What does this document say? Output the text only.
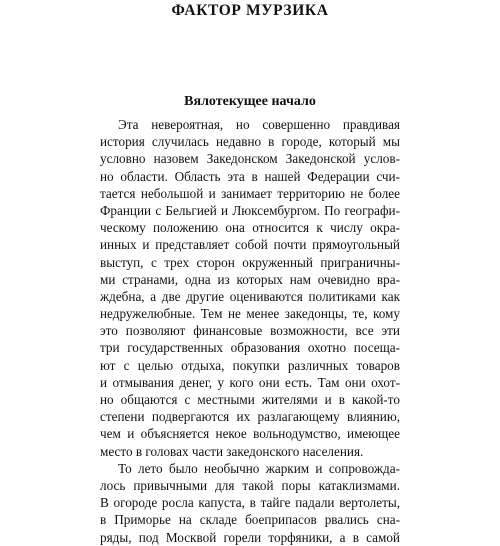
ФАКТОР МУРЗИКА
Вялотекущее начало
Эта невероятная, но совершенно правдивая
история случилась недавно в городе, который мы
условно назовем Закедонском Закедонской услов-
но области. Область эта в нашей Федерации счи-
тается небольшой и занимает территорию не более
Франции с Бельгией и Люксембургом. По географи-
ческому положению она относится к числу окра-
инных и представляет собой почти прямоугольный
выступ, с трех сторон окруженный приграничны-
ми странами, одна из которых нам очевидно вра-
ждебна, а две другие оцениваются политиками как
недружелюбные. Тем не менее закедонцы, те, кому
это позволяют финансовые возможности, все эти
три государственных образования охотно посеща-
ют с целью отдыха, покупки различных товаров
и отмывания денег, у кого они есть. Там они охот-
но общаются с местными жителями и в какой-то
степени подвергаются их разлагающему влиянию,
чем и объясняется некое вольнодумство, имеющее
место в головах части закедонского населения.
То лето было необычно жарким и сопровожда-
лось привычными для такой поры катаклизмами.
В огороде росла капуста, в тайге падали вертолеты,
в Приморье на складе боеприпасов рвались сна-
ряды, под Москвой горели торфяники, а в самой
